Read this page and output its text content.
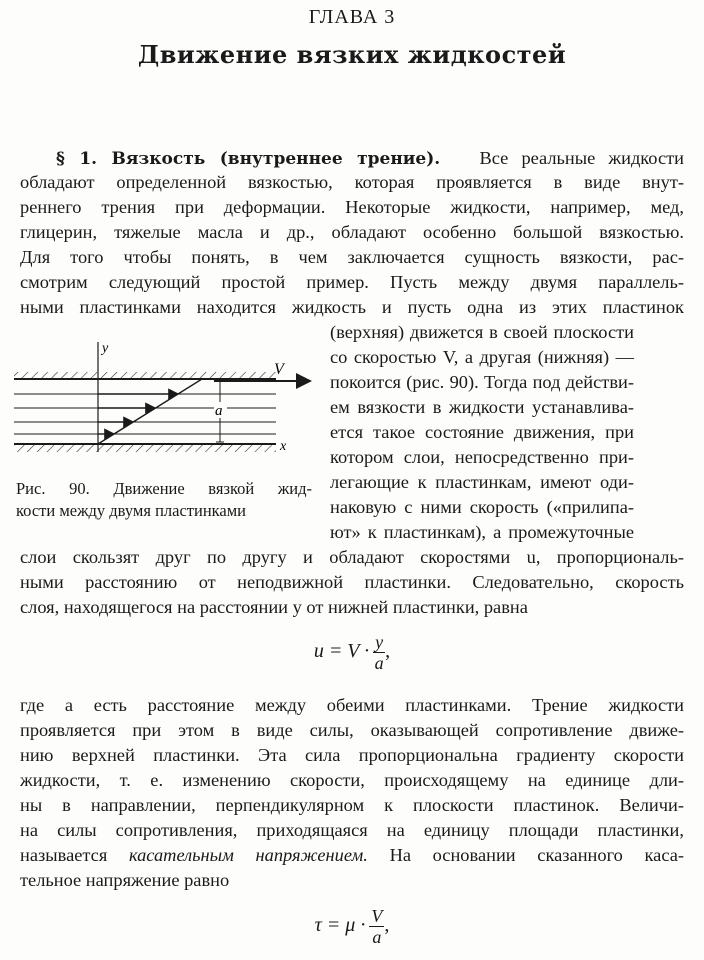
ГЛАВА 3
Движение вязких жидкостей
§ 1. Вязкость (внутреннее трение). Все реальные жидкости
обладают определенной вязкостью, которая проявляется в виде внут-
реннего трения при деформации. Некоторые жидкости, например, мед,
глицерин, тяжелые масла и др., обладают особенно большой вязкостью.
Для того чтобы понять, в чем заключается сущность вязкости, рас-
смотрим следующий простой пример. Пусть между двумя параллель-
ными пластинками находится жидкость и пусть одна из этих пластинок
(верхняя) движется в своей плоскости
со скоростью V, а другая (нижняя) —
покоится (рис. 90). Тогда под действи-
ем вязкости в жидкости устанавлива-
ется такое состояние движения, при
котором слои, непосредственно при-
легающие к пластинкам, имеют оди-
наковую с ними скорость («прилипа-
ют» к пластинкам), а промежуточные
V
x
y
a
Рис. 90. Движение вязкой жид-
кости между двумя пластинками
слои скользят друг по другу и обладают скоростями u, пропорциональ-
ными расстоянию от неподвижной пластинки. Следовательно, скорость
слоя, находящегося на расстоянии y от нижней пластинки, равна
$u = V \cdot \frac{y}{a}$ ,
где a есть расстояние между обеими пластинками. Трение жидкости
проявляется при этом в виде силы, оказывающей сопротивление движе-
нию верхней пластинки. Эта сила пропорциональна градиенту скорости
жидкости, т. е. изменению скорости, происходящему на единице дли-
ны в направлении, перпендикулярном к плоскости пластинок. Величи-
на силы сопротивления, приходящаяся на единицу площади пластинки,
называется касательным напряжением. На основании сказанного каса-
тельное напряжение равно
$\tau = \mu \cdot \frac{V}{a}$ ,
